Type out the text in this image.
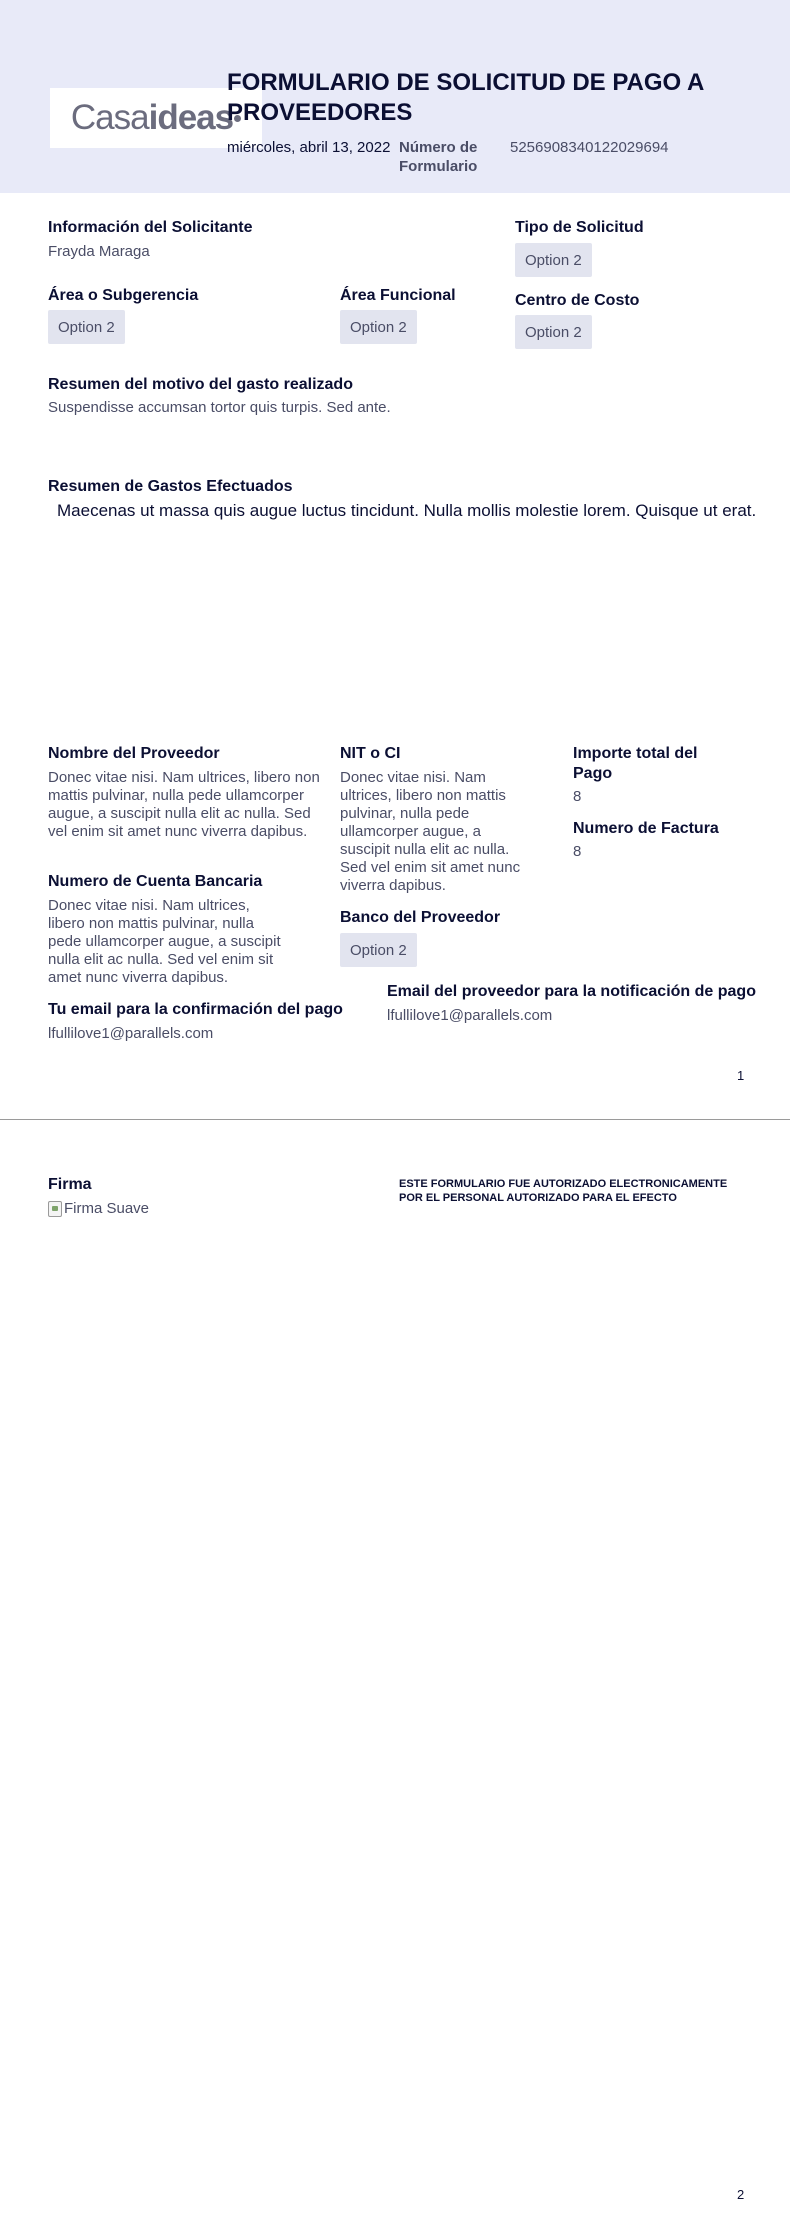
Casa ideas
FORMULARIO DE SOLICITUD DE PAGO A PROVEEDORES
miércoles, abril 13, 2022 Número de Formulario
5256908340122029694
Información del Solicitante
Frayda Maraga
Tipo de Solicitud
Option 2
Área o Subgerencia
Option 2
Área Funcional
Option 2
Centro de Costo
Option 2
Resumen del motivo del gasto realizado
Suspendisse accumsan tortor quis turpis. Sed ante.
Resumen de Gastos Efectuados
Maecenas ut massa quis augue luctus tincidunt. Nulla mollis molestie lorem. Quisque ut erat.
Nombre del Proveedor
Donec vitae nisi. Nam ultrices, libero non mattis pulvinar, nulla pede ullamcorper augue, a suscipit nulla elit ac nulla. Sed vel enim sit amet nunc viverra dapibus.
NIT o CI
Donec vitae nisi. Nam ultrices, libero non mattis pulvinar, nulla pede ullamcorper augue, a suscipit nulla elit ac nulla. Sed vel enim sit amet nunc viverra dapibus.
Importe total del Pago
8
Numero de Factura
8
Numero de Cuenta Bancaria
Donec vitae nisi. Nam ultrices, libero non mattis pulvinar, nulla pede ullamcorper augue, a suscipit nulla elit ac nulla. Sed vel enim sit amet nunc viverra dapibus.
Banco del Proveedor
Option 2
Email del proveedor para la notificación de pago
lfullilove1@parallels.com
Tu email para la confirmación del pago
lfullilove1@parallels.com
1
Firma
Firma Suave
ESTE FORMULARIO FUE AUTORIZADO ELECTRONICAMENTE POR EL PERSONAL AUTORIZADO PARA EL EFECTO
2
